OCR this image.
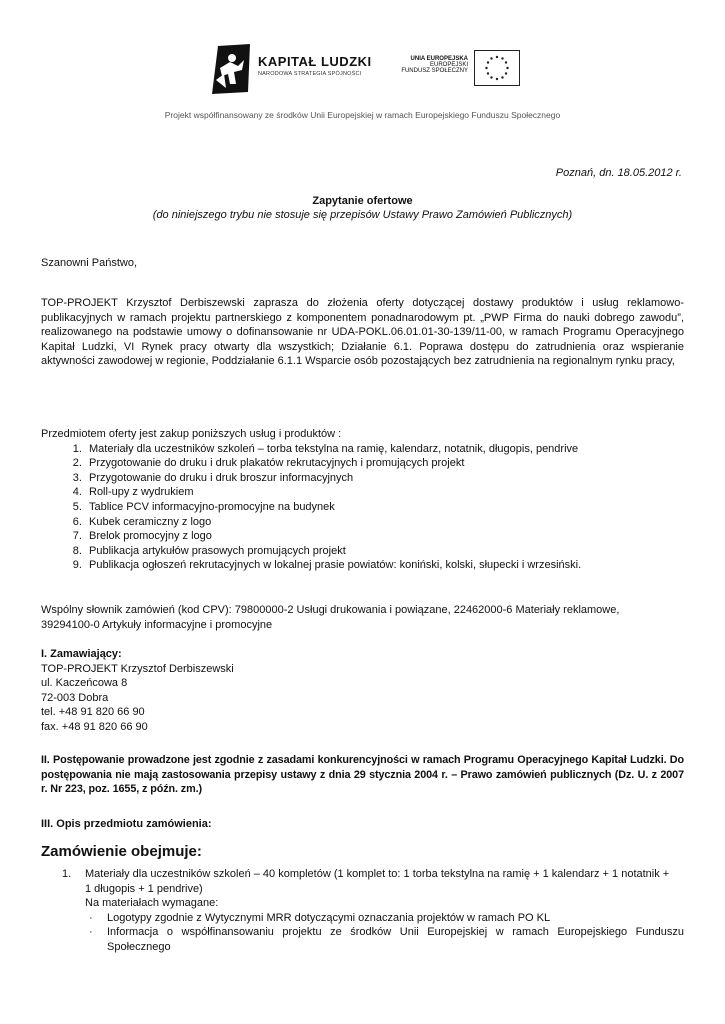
KAPITAŁ LUDZKI
NARODOWA STRATEGIA SPÓJNOŚCI
UNIA EUROPEJSKA
EUROPEJSKI
FUNDUSZ SPOŁECZNY
Projekt współfinansowany ze środków Unii Europejskiej w ramach Europejskiego Funduszu Społecznego
Poznań, dn. 18.05.2012 r.
Zapytanie ofertowe
(do niniejszego trybu nie stosuje się przepisów Ustawy Prawo Zamówień Publicznych)
Szanowni Państwo,
TOP-PROJEKT Krzysztof Derbiszewski zaprasza do złożenia oferty dotyczącej dostawy produktów i usług reklamowo-
publikacyjnych w ramach projektu partnerskiego z komponentem ponadnarodowym pt. „PWP Firma do nauki dobrego zawodu”,
realizowanego na podstawie umowy o dofinansowanie nr UDA-POKL.06.01.01-30-139/11-00, w ramach Programu Operacyjnego
Kapitał Ludzki, VI Rynek pracy otwarty dla wszystkich; Działanie 6.1. Poprawa dostępu do zatrudnienia oraz wspieranie
aktywności zawodowej w regionie, Poddziałanie 6.1.1 Wsparcie osób pozostających bez zatrudnienia na regionalnym rynku pracy,
Przedmiotem oferty jest zakup poniższych usług i produktów :
1. Materiały dla uczestników szkoleń – torba tekstylna na ramię, kalendarz, notatnik, długopis, pendrive
2. Przygotowanie do druku i druk plakatów rekrutacyjnych i promujących projekt
3. Przygotowanie do druku i druk broszur informacyjnych
4. Roll-upy z wydrukiem
5. Tablice PCV informacyjno-promocyjne na budynek
6. Kubek ceramiczny z logo
7. Brelok promocyjny z logo
8. Publikacja artykułów prasowych promujących projekt
9. Publikacja ogłoszeń rekrutacyjnych w lokalnej prasie powiatów: koniński, kolski, słupecki i wrzesiński.
Wspólny słownik zamówień (kod CPV): 79800000-2 Usługi drukowania i powiązane, 22462000-6 Materiały reklamowe,
39294100-0 Artykuły informacyjne i promocyjne
I. Zamawiający:
TOP-PROJEKT Krzysztof Derbiszewski
ul. Kaczeńcowa 8
72-003 Dobra
tel. +48 91 820 66 90
fax. +48 91 820 66 90
II. Postępowanie prowadzone jest zgodnie z zasadami konkurencyjności w ramach Programu Operacyjnego Kapitał Ludzki. Do
postępowania nie mają zastosowania przepisy ustawy z dnia 29 stycznia 2004 r. – Prawo zamówień publicznych (Dz. U. z 2007
r. Nr 223, poz. 1655, z późn. zm.)
III. Opis przedmiotu zamówienia:
Zamówienie obejmuje:
1. Materiały dla uczestników szkoleń – 40 kompletów (1 komplet to: 1 torba tekstylna na ramię + 1 kalendarz + 1 notatnik +
1 długopis + 1 pendrive)
Na materiałach wymagane:
· Logotypy zgodnie z Wytycznymi MRR dotyczącymi oznaczania projektów w ramach PO KL
· Informacja o współfinansowaniu projektu ze środków Unii Europejskiej w ramach Europejskiego Funduszu
Społecznego
